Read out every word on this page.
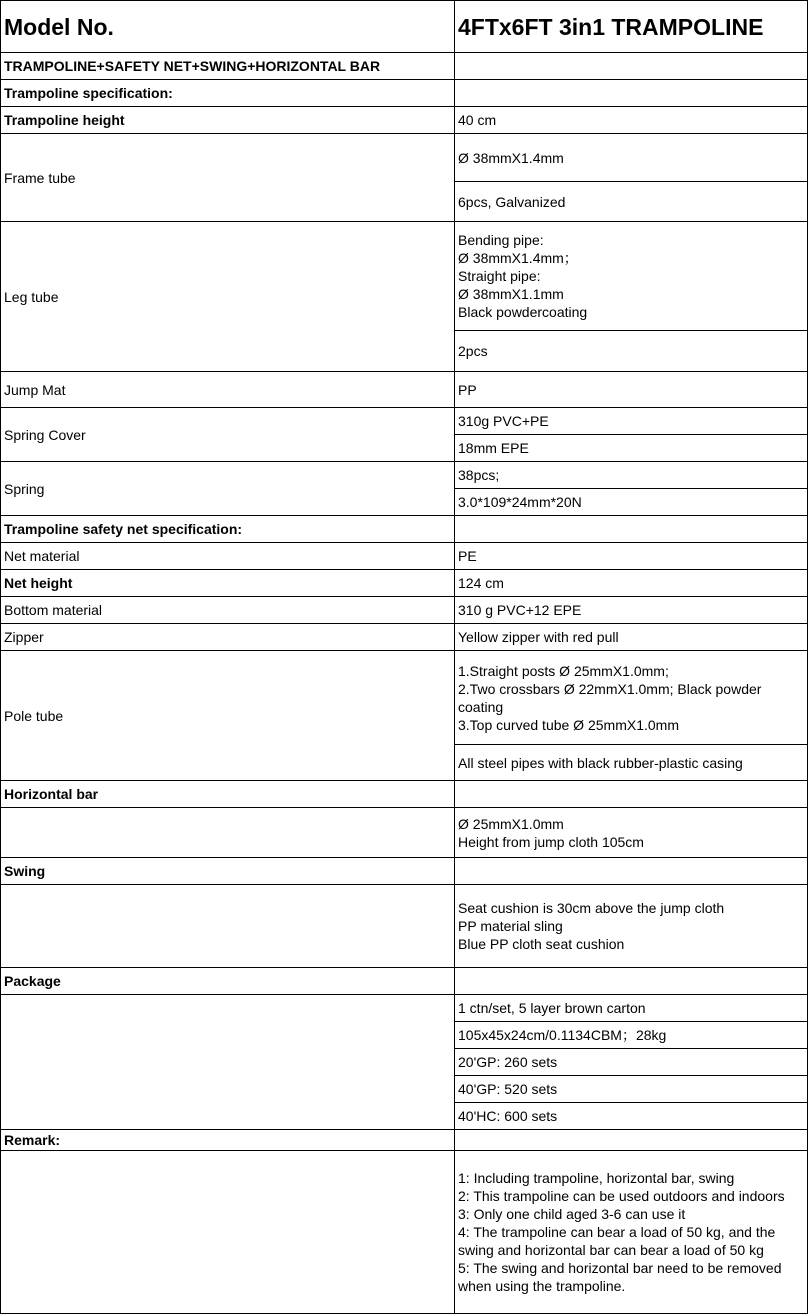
Model No.	4FTx6FT 3in1 TRAMPOLINE
TRAMPOLINE+SAFETY NET+SWING+HORIZONTAL BAR	
Trampoline specification:	
Trampoline height	40 cm
Frame tube	Ø 38mmX1.4mm
	6pcs, Galvanized
Leg tube	Bending pipe:
Ø 38mmX1.4mm；
Straight pipe:
Ø 38mmX1.1mm
Black powdercoating
	2pcs
Jump Mat	PP
Spring Cover	310g PVC+PE
	18mm EPE
Spring	38pcs;
	3.0*109*24mm*20N
Trampoline safety net specification:	
Net material	PE
Net height	124 cm
Bottom material	310 g PVC+12 EPE
Zipper	Yellow zipper with red pull
Pole tube	1.Straight posts Ø 25mmX1.0mm;
2.Two crossbars Ø 22mmX1.0mm; Black powder coating
3.Top curved tube Ø 25mmX1.0mm
	All steel pipes with black rubber-plastic casing
Horizontal bar	
	Ø 25mmX1.0mm
Height from jump cloth 105cm
Swing	
	Seat cushion is 30cm above the jump cloth
PP material sling
Blue PP cloth seat cushion
Package	
	1 ctn/set, 5 layer brown carton
	105x45x24cm/0.1134CBM；28kg
	20'GP: 260 sets
	40'GP: 520 sets
	40'HC: 600 sets
Remark:	
	1: Including trampoline, horizontal bar, swing
2: This trampoline can be used outdoors and indoors
3: Only one child aged 3-6 can use it
4: The trampoline can bear a load of 50 kg, and the swing and horizontal bar can bear a load of 50 kg
5: The swing and horizontal bar need to be removed when using the trampoline.
